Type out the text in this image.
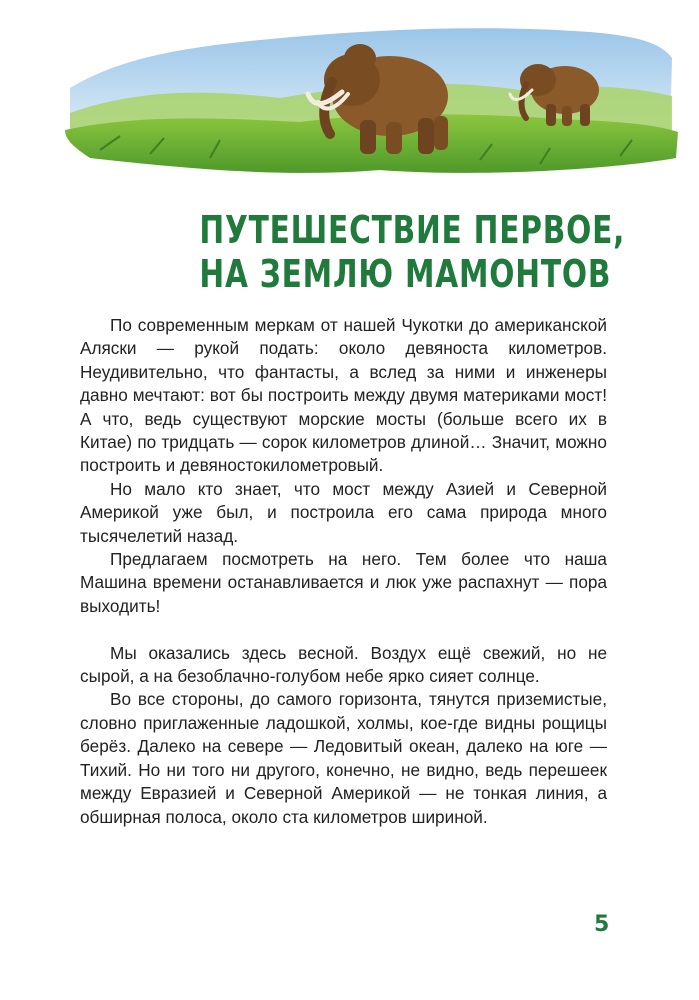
ПУТЕШЕСТВИЕ ПЕРВОЕ,
НА ЗЕМЛЮ МАМОНТОВ

По современным меркам от нашей Чукотки до американской Аляски — рукой подать: около девяноста километров. Неудивительно, что фантасты, а вслед за ними и инженеры давно мечтают: вот бы построить между двумя материками мост! А что, ведь существуют морские мосты (больше всего их в Китае) по тридцать — сорок километров длиной… Значит, можно построить и девяностокилометровый.

Но мало кто знает, что мост между Азией и Северной Америкой уже был, и построила его сама природа много тысячелетий назад.

Предлагаем посмотреть на него. Тем более что наша Машина времени останавливается и люк уже распахнут — пора выходить!

Мы оказались здесь весной. Воздух ещё свежий, но не сырой, а на безоблачно-голубом небе ярко сияет солнце.

Во все стороны, до самого горизонта, тянутся приземистые, словно приглаженные ладошкой, холмы, кое-где видны рощицы берёз. Далеко на севере — Ледовитый океан, далеко на юге — Тихий. Но ни того ни другого, конечно, не видно, ведь перешеек между Евразией и Северной Америкой — не тонкая линия, а обширная полоса, около ста километров шириной.

5
